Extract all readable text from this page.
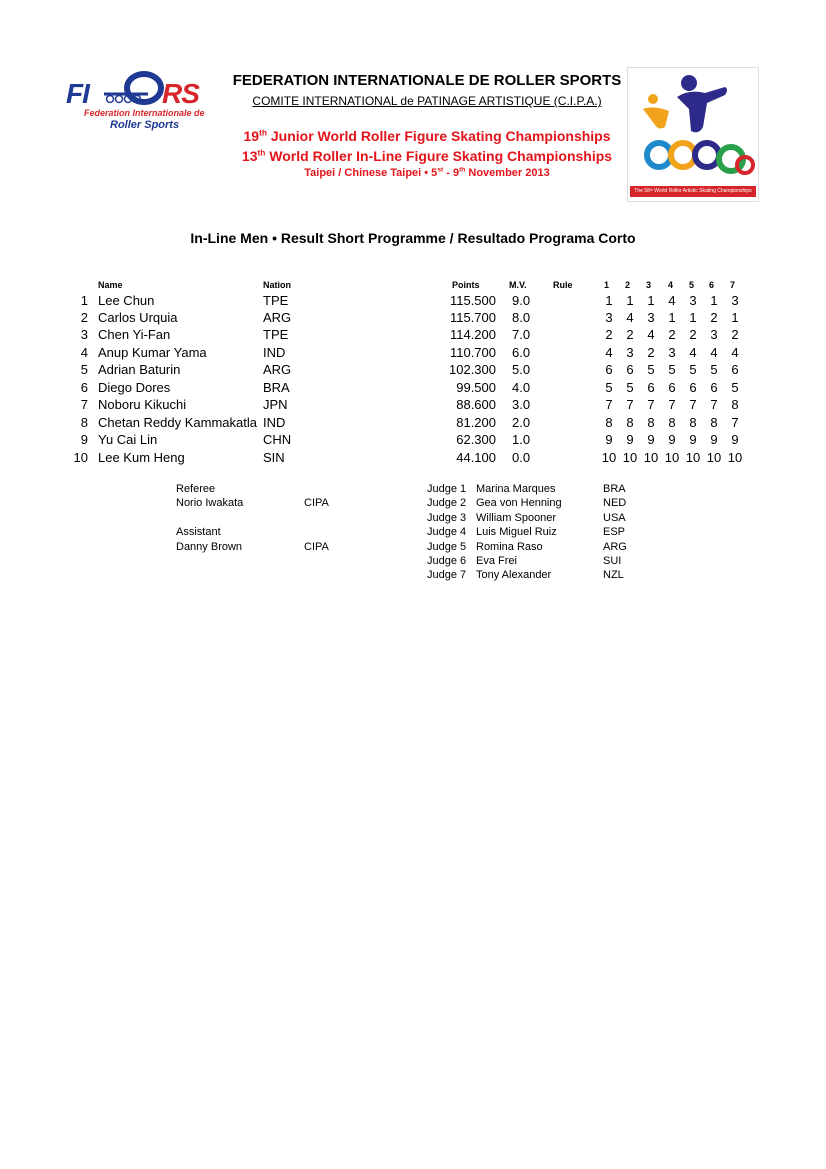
FI	RS
Federation Internationale de
Roller Sports
FEDERATION INTERNATIONALE DE ROLLER SPORTS
COMITE INTERNATIONAL de PATINAGE ARTISTIQUE (C.I.P.A.)
19th Junior World Roller Figure Skating Championships
13th World Roller In-Line Figure Skating Championships
Taipei / Chinese Taipei • 5st - 9th November 2013
The 58ᵗʰ World Roller Artistic Skating Championships
In-Line Men • Result Short Programme / Resultado Programa Corto
Name	Nation	Points	M.V.	Rule	1 2 3 4 5 6 7
1 Lee Chun	TPE	115.500 9.0	1	1	1	4	3	1	3
2 Carlos Urquia	ARG	115.700 8.0	3	4	3	1	1	2	1
3 Chen Yi-Fan	TPE	114.200 7.0	2	2	4	2	2	3	2
4 Anup Kumar Yama	IND	110.700 6.0	4	3	2	3	4	4	4
5 Adrian Baturin	ARG	102.300 5.0	6	6	5	5	5	5	6
6 Diego Dores	BRA	99.500 4.0	5	5	6	6	6	6	5
7 Noboru Kikuchi	JPN	88.600 3.0	7	7	7	7	7	7	8
8 Chetan Reddy Kammakatla IND	81.200 2.0	8	8	8	8	8	8	7
9 Yu Cai Lin	CHN	62.300 1.0	9	9	9	9	9	9	9
10 Lee Kum Heng	SIN	44.100 0.0	10 10 10 10 10 10 10
Referee
Norio Iwakata	CIPA
Assistant
Danny Brown	CIPA
Judge 1 Marina Marques	BRA
Judge 2 Gea von Henning	NED
Judge 3 William Spooner	USA
Judge 4 Luis Miguel Ruiz	ESP
Judge 5 Romina Raso	ARG
Judge 6 Eva Frei	SUI
Judge 7 Tony Alexander	NZL
